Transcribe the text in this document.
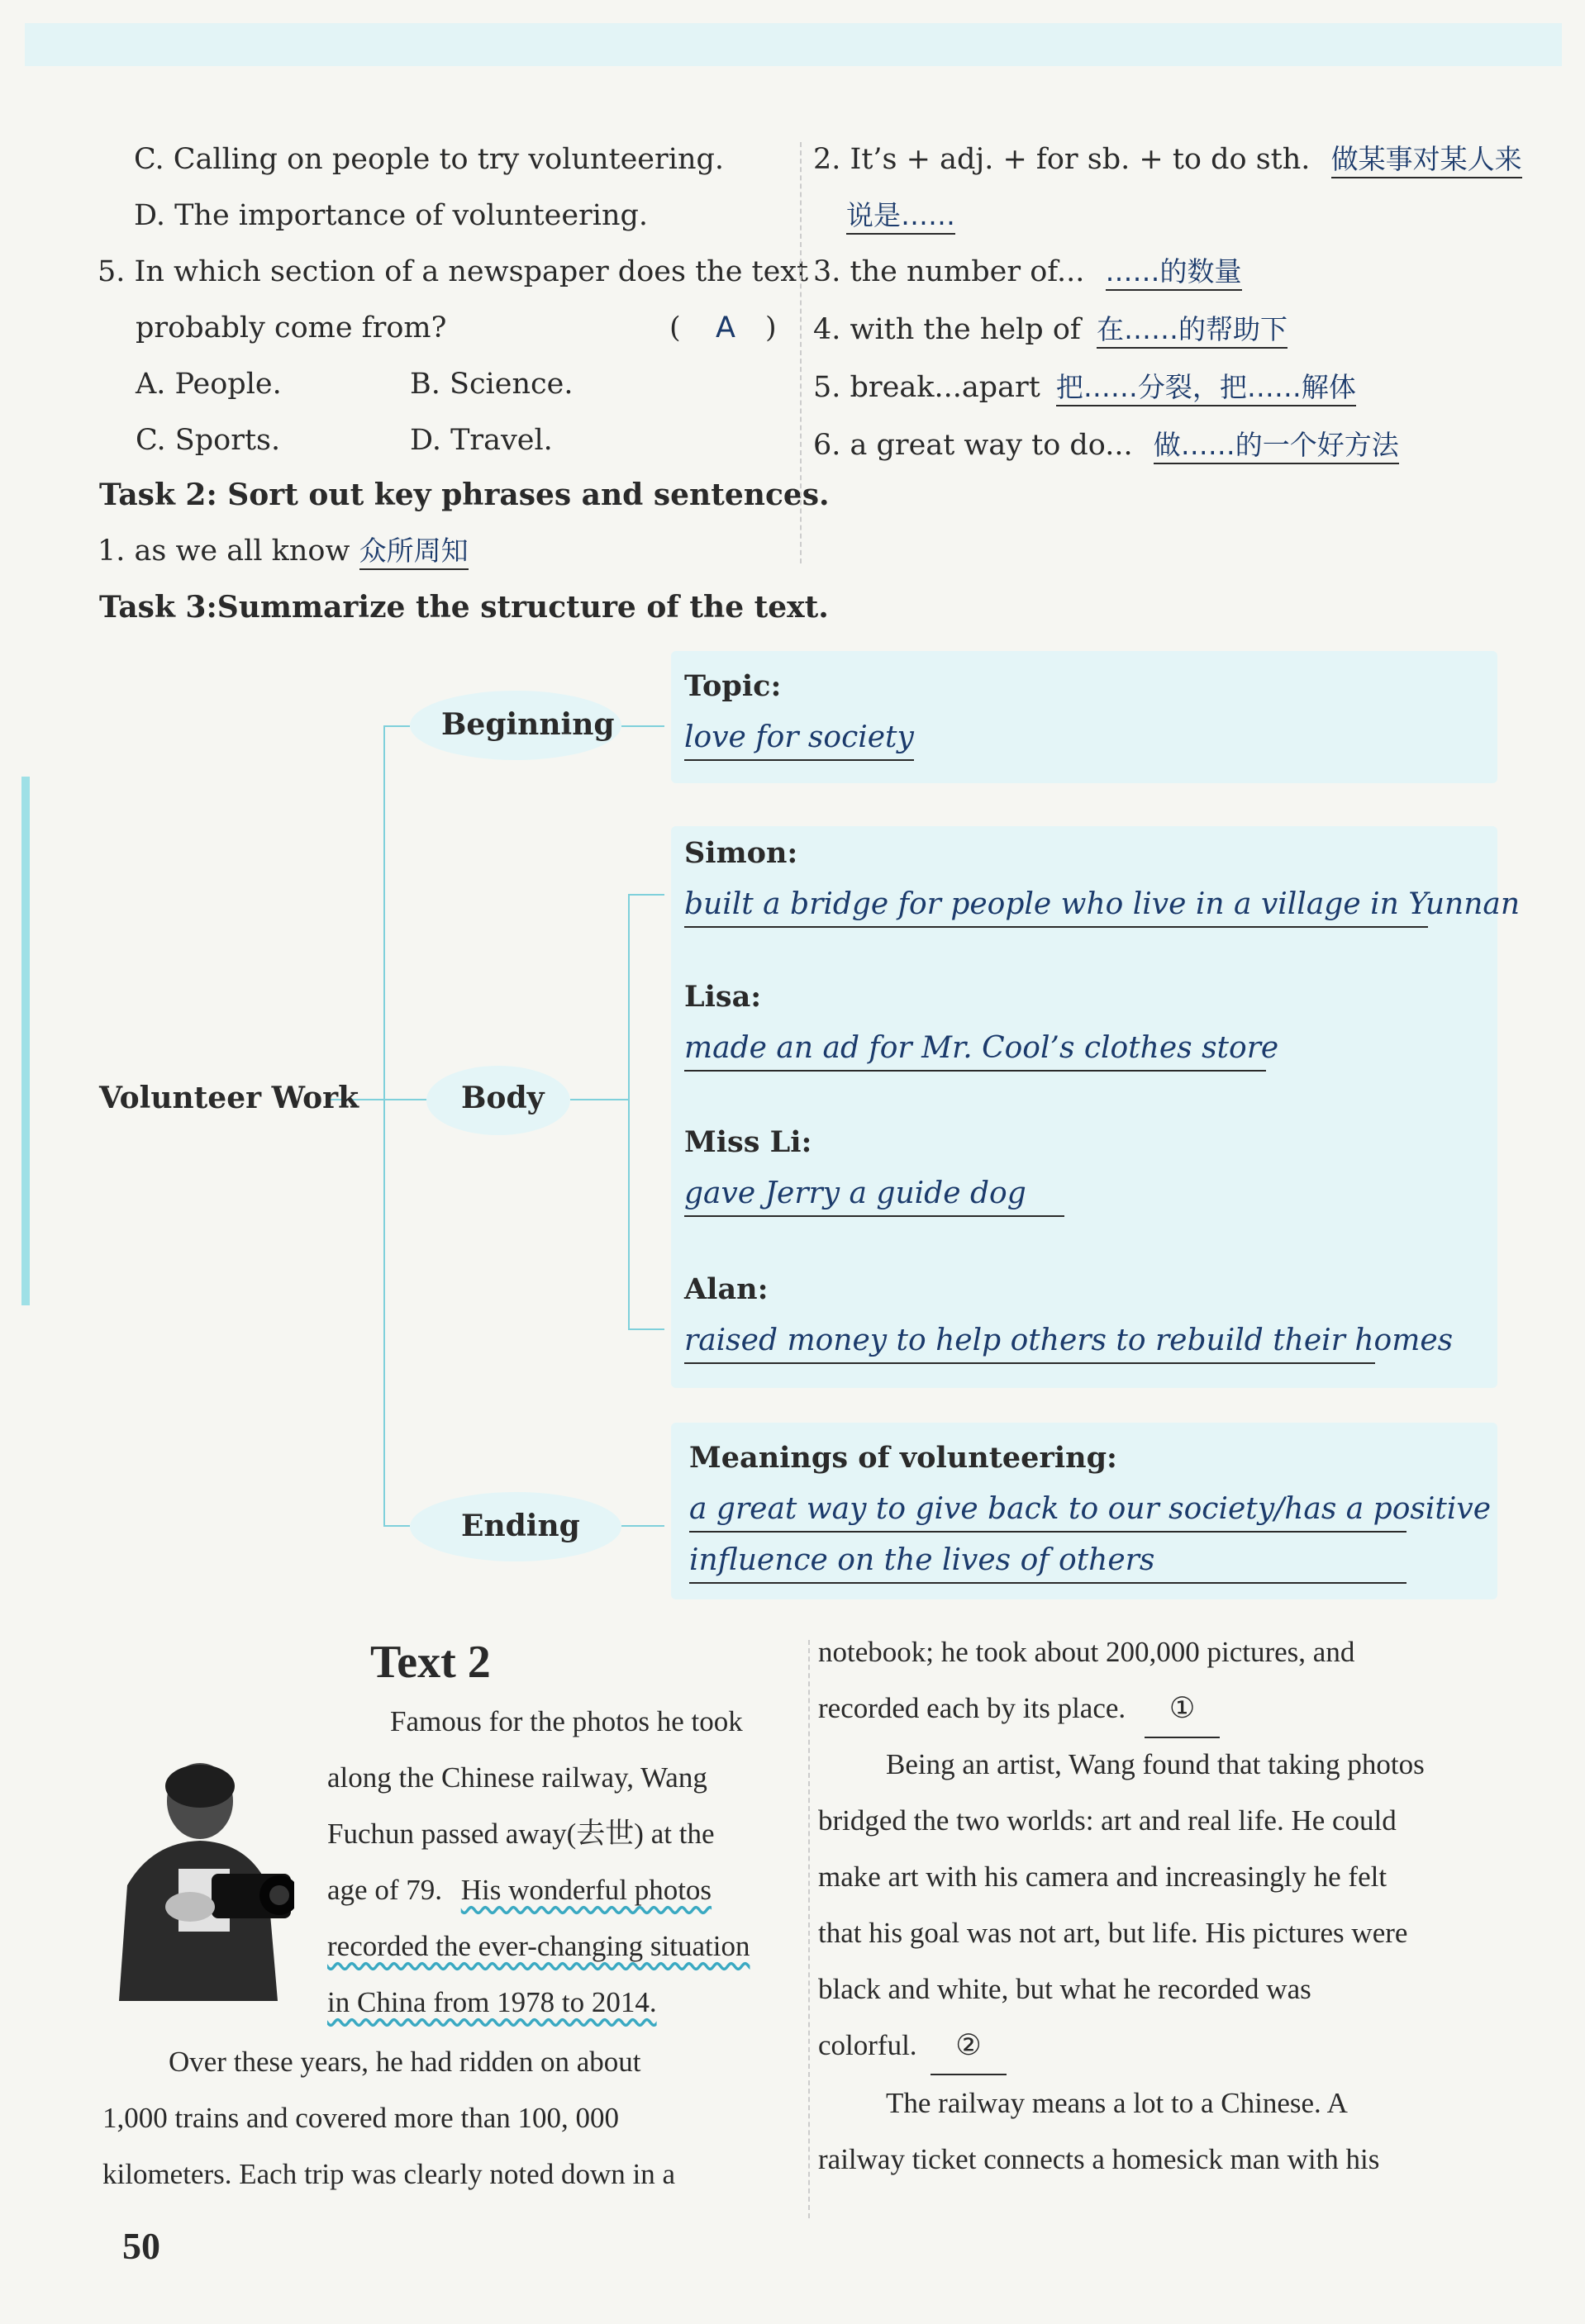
C. Calling on people to try volunteering.
D. The importance of volunteering.
5. In which section of a newspaper does the text
probably come from?	( A )
A. People.	B. Science.
C. Sports.	D. Travel.
Task 2: Sort out key phrases and sentences.
1. as we all know 众所周知
Task 3:Summarize the structure of the text.
2. It’s + adj. + for sb. + to do sth. 做某事对某人来
说是……
3. the number of... ……的数量
4. with the help of 在……的帮助下
5. break...apart 把……分裂，把……解体
6. a great way to do... 做……的一个好方法
Volunteer Work
Beginning
Body
Ending
Topic:
love for society
Simon:
built a bridge for people who live in a village in Yunnan
Lisa:
made an ad for Mr. Cool’s clothes store
Miss Li:
gave Jerry a guide dog
Alan:
raised money to help others to rebuild their homes
Meanings of volunteering:
a great way to give back to our society/has a positive
influence on the lives of others
Text 2
Famous for the photos he took
along the Chinese railway, Wang
Fuchun passed away(去世) at the
age of 79. His wonderful photos
recorded the ever-changing situation
in China from 1978 to 2014.
Over these years, he had ridden on about
1,000 trains and covered more than 100, 000
kilometers. Each trip was clearly noted down in a
notebook; he took about 200,000 pictures, and
recorded each by its place. ①
Being an artist, Wang found that taking photos
bridged the two worlds: art and real life. He could
make art with his camera and increasingly he felt
that his goal was not art, but life. His pictures were
black and white, but what he recorded was
colorful. ②
The railway means a lot to a Chinese. A
railway ticket connects a homesick man with his
50
